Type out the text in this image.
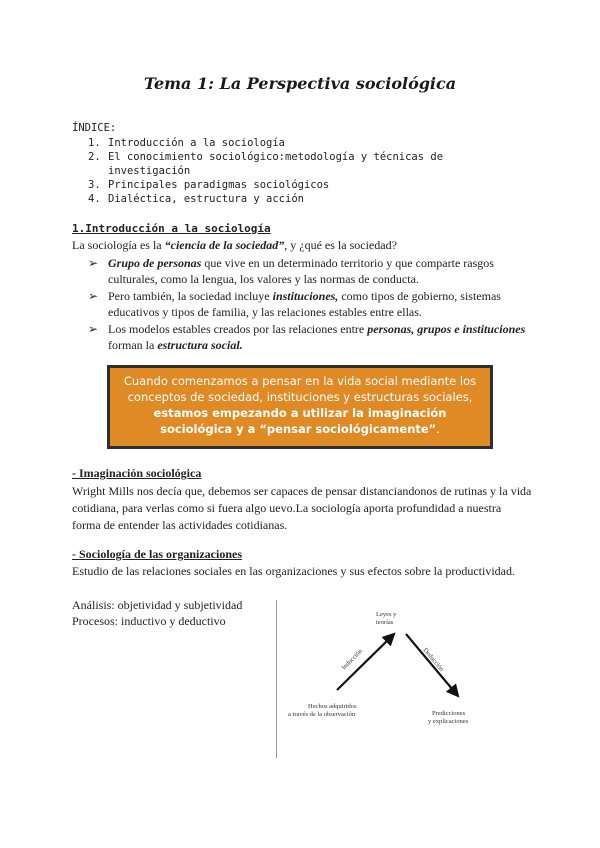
Tema 1: La Perspectiva sociológica
ÍNDICE:
1. Introducción a la sociología
2. El conocimiento sociológico:metodología y técnicas de investigación
3. Principales paradigmas sociológicos
4. Dialéctica, estructura y acción
1.Introducción a la sociología
La sociología es la “ciencia de la sociedad”, y ¿qué es la sociedad?
➢ Grupo de personas que vive en un determinado territorio y que comparte rasgos culturales, como la lengua, los valores y las normas de conducta.
➢ Pero también, la sociedad incluye instituciones, como tipos de gobierno, sistemas educativos y tipos de familia, y las relaciones estables entre ellas.
➢ Los modelos estables creados por las relaciones entre personas, grupos e instituciones forman la estructura social.
Cuando comenzamos a pensar en la vida social mediante los conceptos de sociedad, instituciones y estructuras sociales, estamos empezando a utilizar la imaginación sociológica y a “pensar sociológicamente”.
- Imaginación sociológica
Wright Mills nos decía que, debemos ser capaces de pensar distanciandonos de rutinas y la vida cotidiana, para verlas como si fuera algo uevo.La sociología aporta profundidad a nuestra forma de entender las actividades cotidianas.
- Sociología de las organizaciones
Estudio de las relaciones sociales en las organizaciones y sus efectos sobre la productividad.
Análisis: objetividad y subjetividad
Procesos: inductivo y deductivo	Leyes y
teorías
Inducción	Deducción
Hechos adquiridos
a través de la observación	Predicciones
y explicaciones
